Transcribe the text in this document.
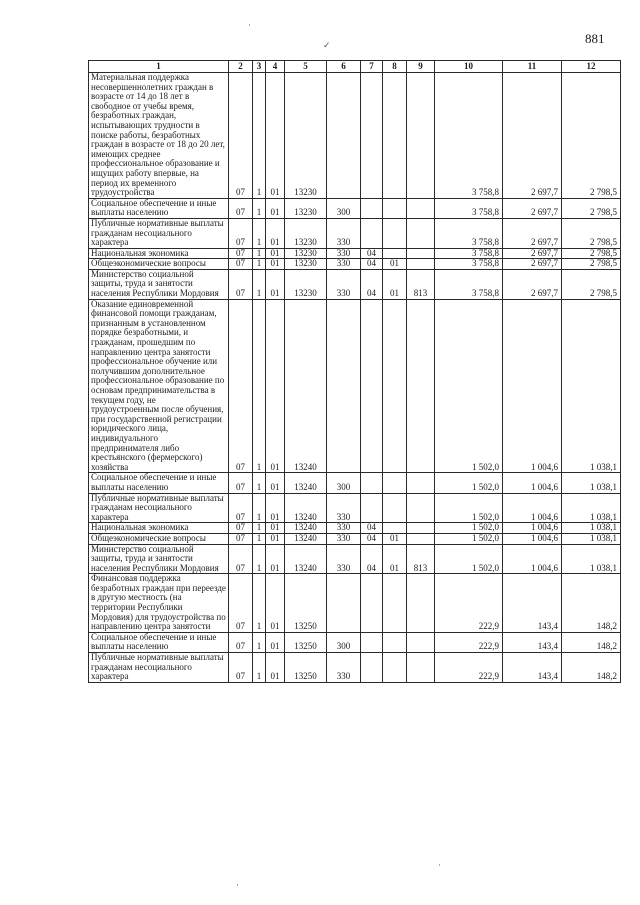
881
✓
·
·
·
1	2	3	4	5	6	7	8	9	10	11	12
Материальная поддержка несовершеннолетних граждан в возрасте от 14 до 18 лет в свободное от учебы время, безработных граждан, испытывающих трудности в поиске работы, безработных граждан в возрасте от 18 до 20 лет, имеющих среднее профессиональное образование и ищущих работу впервые, на период их временного трудоустройства	07	1	01	13230					3 758,8	2 697,7	2 798,5
Социальное обеспечение и иные выплаты населению	07	1	01	13230	300				3 758,8	2 697,7	2 798,5
Публичные нормативные выплаты гражданам несоциального характера	07	1	01	13230	330				3 758,8	2 697,7	2 798,5
Национальная экономика	07	1	01	13230	330	04			3 758,8	2 697,7	2 798,5
Общеэкономические вопросы	07	1	01	13230	330	04	01		3 758,8	2 697,7	2 798,5
Министерство социальной защиты, труда и занятости населения Республики Мордовия	07	1	01	13230	330	04	01	813	3 758,8	2 697,7	2 798,5
Оказание единовременной финансовой помощи гражданам, признанным в установленном порядке безработными, и гражданам, прошедшим по направлению центра занятости профессиональное обучение или получившим дополнительное профессиональное образование по основам предпринимательства в текущем году, не трудоустроенным после обучения, при государственной регистрации юридического лица, индивидуального предпринимателя либо крестьянского (фермерского) хозяйства	07	1	01	13240					1 502,0	1 004,6	1 038,1
Социальное обеспечение и иные выплаты населению	07	1	01	13240	300				1 502,0	1 004,6	1 038,1
Публичные нормативные выплаты гражданам несоциального характера	07	1	01	13240	330				1 502,0	1 004,6	1 038,1
Национальная экономика	07	1	01	13240	330	04			1 502,0	1 004,6	1 038,1
Общеэкономические вопросы	07	1	01	13240	330	04	01		1 502,0	1 004,6	1 038,1
Министерство социальной защиты, труда и занятости населения Республики Мордовия	07	1	01	13240	330	04	01	813	1 502,0	1 004,6	1 038,1
Финансовая поддержка безработных граждан при переезде в другую местность (на территории Республики Мордовия) для трудоустройства по направлению центра занятости	07	1	01	13250					222,9	143,4	148,2
Социальное обеспечение и иные выплаты населению	07	1	01	13250	300				222,9	143,4	148,2
Публичные нормативные выплаты гражданам несоциального характера	07	1	01	13250	330				222,9	143,4	148,2
